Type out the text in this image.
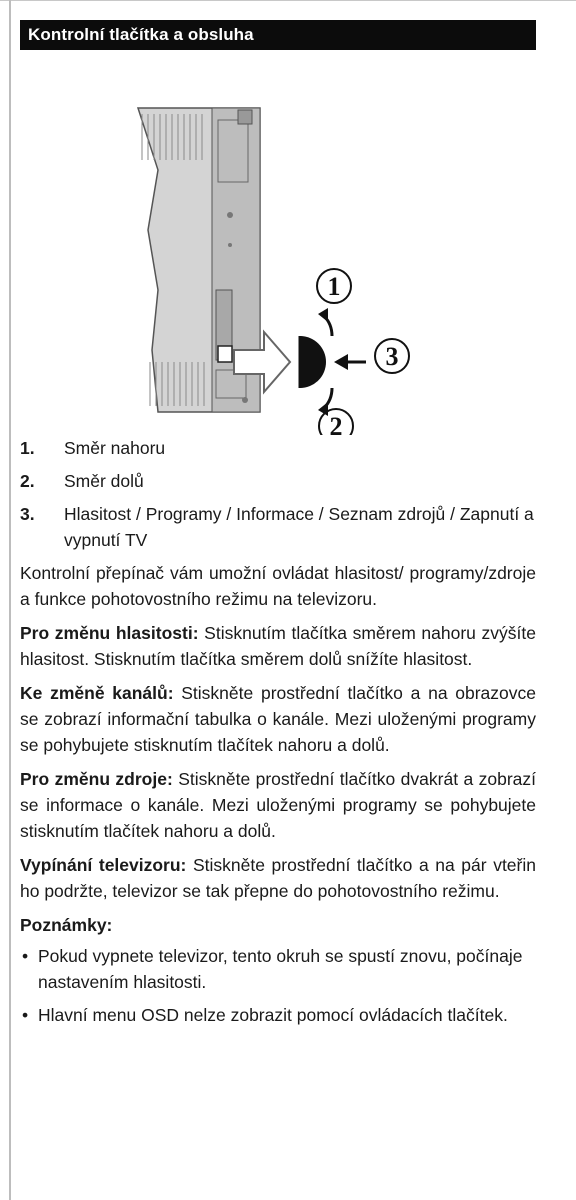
Kontrolní tlačítka a obsluha
1
3
2
1.	Směr nahoru
2.	Směr dolů
3.	Hlasitost / Programy / Informace / Seznam zdrojů / Zapnutí a vypnutí TV

Kontrolní přepínač vám umožní ovládat hlasitost/ programy/zdroje a funkce pohotovostního režimu na televizoru.

Pro změnu hlasitosti: Stisknutím tlačítka směrem nahoru zvýšíte hlasitost. Stisknutím tlačítka směrem dolů snížíte hlasitost.

Ke změně kanálů: Stiskněte prostřední tlačítko a na obrazovce se zobrazí informační tabulka o kanále. Mezi uloženými programy se pohybujete stisknutím tlačítek nahoru a dolů.

Pro změnu zdroje: Stiskněte prostřední tlačítko dvakrát a zobrazí se informace o kanále. Mezi uloženými programy se pohybujete stisknutím tlačítek nahoru a dolů.

Vypínání televizoru: Stiskněte prostřední tlačítko a na pár vteřin ho podržte, televizor se tak přepne do pohotovostního režimu.

Poznámky:
• Pokud vypnete televizor, tento okruh se spustí znovu, počínaje nastavením hlasitosti.
• Hlavní menu OSD nelze zobrazit pomocí ovládacích tlačítek.
